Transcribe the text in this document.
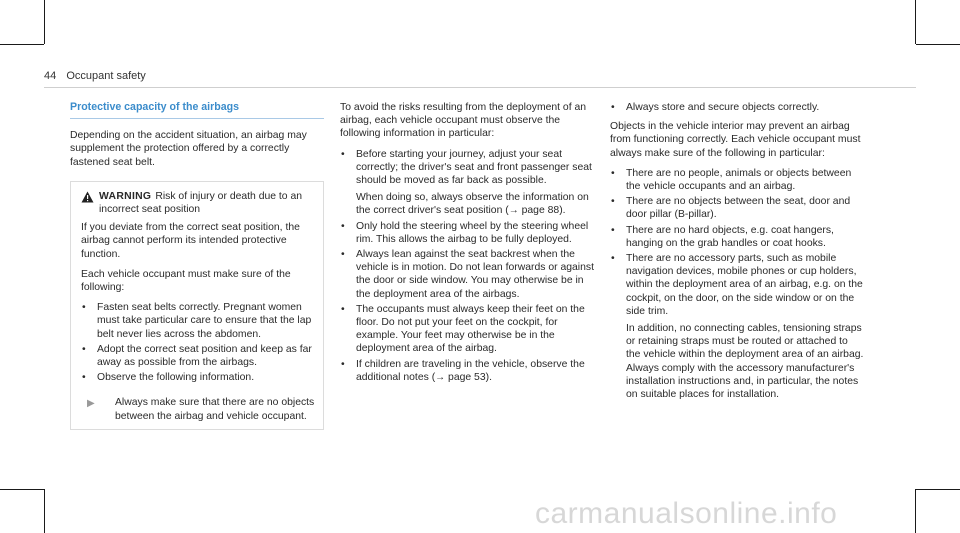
44 Occupant safety
Protective capacity of the airbags

Depending on the accident situation, an airbag may supplement the protection offered by a correctly fastened seat belt.

WARNING Risk of injury or death due to an incorrect seat position

If you deviate from the correct seat position, the airbag cannot perform its intended protective function.

Each vehicle occupant must make sure of the following:

• Fasten seat belts correctly. Pregnant women must take particular care to ensure that the lap belt never lies across the abdomen.
• Adopt the correct seat position and keep as far away as possible from the airbags.
• Observe the following information.
▶	Always make sure that there are no objects between the airbag and vehicle occupant.

To avoid the risks resulting from the deployment of an airbag, each vehicle occupant must observe the following information in particular:

• Before starting your journey, adjust your seat correctly; the driver's seat and front passenger seat should be moved as far back as possible.
When doing so, always observe the information on the correct driver's seat position (→ page 88).
• Only hold the steering wheel by the steering wheel rim. This allows the airbag to be fully deployed.
• Always lean against the seat backrest when the vehicle is in motion. Do not lean forwards or against the door or side window. You may otherwise be in the deployment area of the airbags.
• The occupants must always keep their feet on the floor. Do not put your feet on the cockpit, for example. Your feet may otherwise be in the deployment area of the airbag.
• If children are traveling in the vehicle, observe the additional notes (→ page 53).
• Always store and secure objects correctly.

Objects in the vehicle interior may prevent an airbag from functioning correctly. Each vehicle occupant must always make sure of the following in particular:

• There are no people, animals or objects between the vehicle occupants and an airbag.
• There are no objects between the seat, door and door pillar (B-pillar).
• There are no hard objects, e.g. coat hangers, hanging on the grab handles or coat hooks.
• There are no accessory parts, such as mobile navigation devices, mobile phones or cup holders, within the deployment area of an airbag, e.g. on the cockpit, on the door, on the side window or on the side trim.
In addition, no connecting cables, tensioning straps or retaining straps must be routed or attached to the vehicle within the deployment area of an airbag. Always comply with the accessory manufacturer's installation instructions and, in particular, the notes on suitable places for installation.
carmanualsonline.info
